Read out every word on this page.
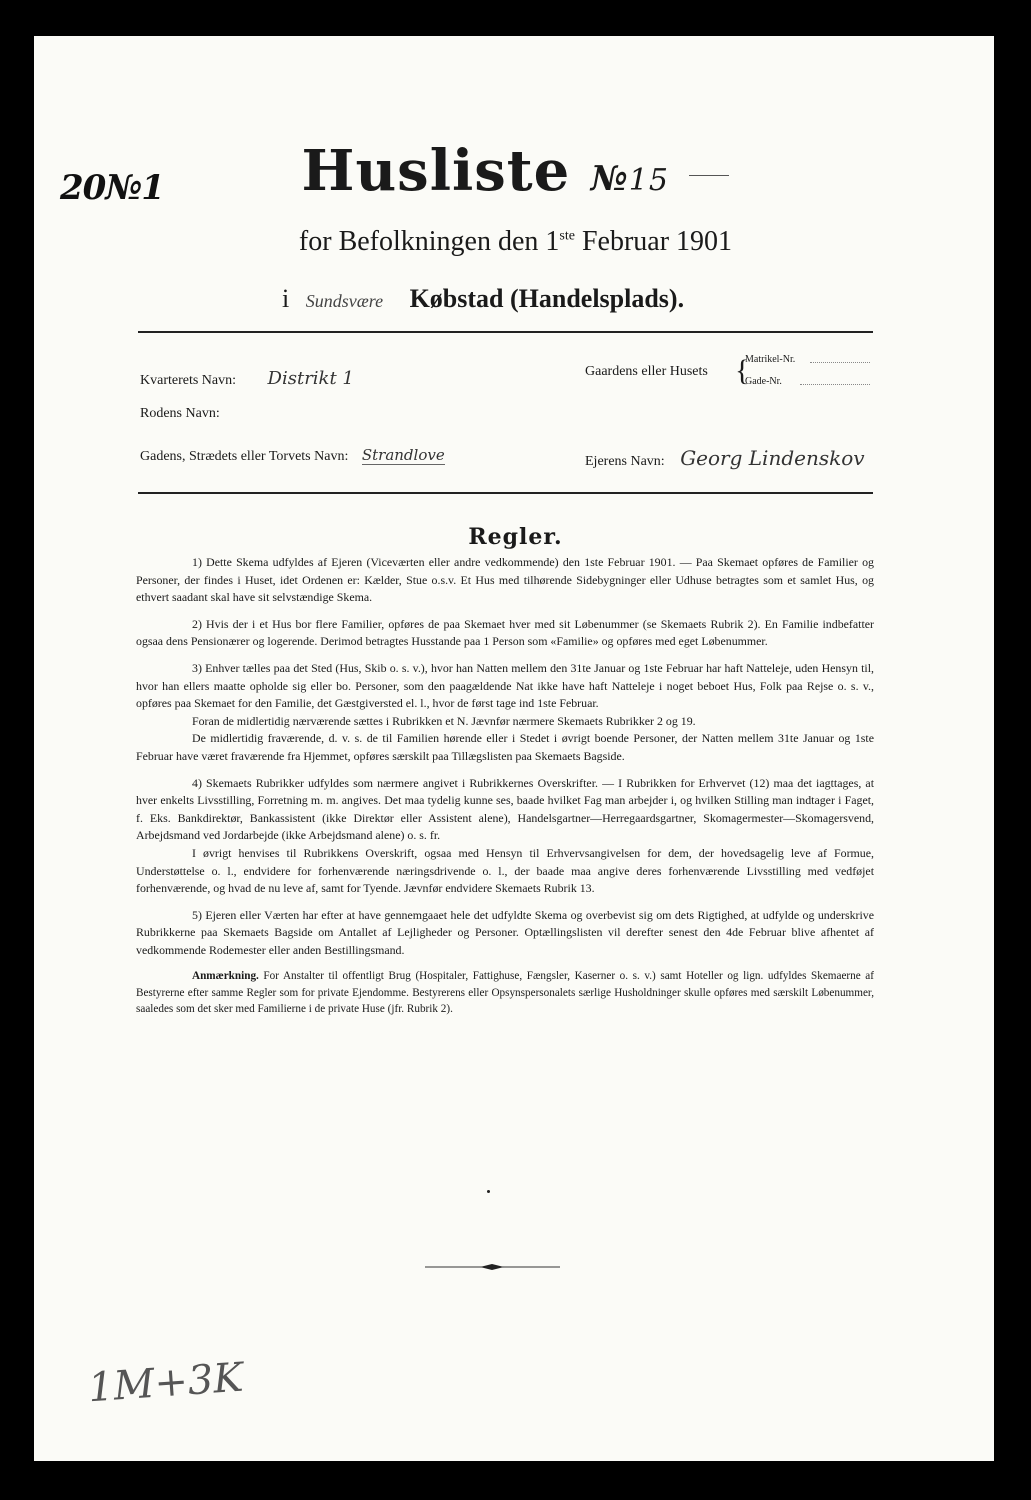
20№1	Husliste №15
for Befolkningen den 1ste Februar 1901
i Sundsvære Købstad (Handelsplads).
Kvarterets Navn: Distrikt 1	Gaardens eller Husets {
Matrikel-Nr.
Gade-Nr.
Rodens Navn:
Gadens, Strædets eller Torvets Navn: Strandlove	Ejerens Navn: Georg Lindenskov
Regler.

1) Dette Skema udfyldes af Ejeren (Viceværten eller andre vedkommende) den 1ste Februar 1901. — Paa Skemaet opføres de Familier og Personer, der findes i Huset, idet Ordenen er: Kælder, Stue o.s.v. Et Hus med tilhørende Sidebygninger eller Udhuse betragtes som et samlet Hus, og ethvert saadant skal have sit selvstændige Skema.

2) Hvis der i et Hus bor flere Familier, opføres de paa Skemaet hver med sit Løbenummer (se Skemaets Rubrik 2). En Familie indbefatter ogsaa dens Pensionærer og logerende. Derimod betragtes Husstande paa 1 Person som «Familie» og opføres med eget Løbenummer.

3) Enhver tælles paa det Sted (Hus, Skib o. s. v.), hvor han Natten mellem den 31te Januar og 1ste Februar har haft Natteleje, uden Hensyn til, hvor han ellers maatte opholde sig eller bo. Personer, som den paagældende Nat ikke have haft Natteleje i noget beboet Hus, Folk paa Rejse o. s. v., opføres paa Skemaet for den Familie, det Gæstgiversted el. l., hvor de først tage ind 1ste Februar.

Foran de midlertidig nærværende sættes i Rubrikken et N. Jævnfør nærmere Skemaets Rubrikker 2 og 19.

De midlertidig fraværende, d. v. s. de til Familien hørende eller i Stedet i øvrigt boende Personer, der Natten mellem 31te Januar og 1ste Februar have været fraværende fra Hjemmet, opføres særskilt paa Tillægslisten paa Skemaets Bagside.

4) Skemaets Rubrikker udfyldes som nærmere angivet i Rubrikkernes Overskrifter. — I Rubrikken for Erhvervet (12) maa det iagttages, at hver enkelts Livsstilling, Forretning m. m. angives. Det maa tydelig kunne ses, baade hvilket Fag man arbejder i, og hvilken Stilling man indtager i Faget, f. Eks. Bankdirektør, Bankassistent (ikke Direktør eller Assistent alene), Handelsgartner—Herregaardsgartner, Skomagermester—Skomagersvend, Arbejdsmand ved Jordarbejde (ikke Arbejdsmand alene) o. s. fr.

I øvrigt henvises til Rubrikkens Overskrift, ogsaa med Hensyn til Erhvervsangivelsen for dem, der hovedsagelig leve af Formue, Understøttelse o. l., endvidere for forhenværende næringsdrivende o. l., der baade maa angive deres forhenværende Livsstilling med vedføjet forhenværende, og hvad de nu leve af, samt for Tyende. Jævnfør endvidere Skemaets Rubrik 13.

5) Ejeren eller Værten har efter at have gennemgaaet hele det udfyldte Skema og overbevist sig om dets Rigtighed, at udfylde og underskrive Rubrikkerne paa Skemaets Bagside om Antallet af Lejligheder og Personer. Optællingslisten vil derefter senest den 4de Februar blive afhentet af vedkommende Rodemester eller anden Bestillingsmand.

Anmærkning. For Anstalter til offentligt Brug (Hospitaler, Fattighuse, Fængsler, Kaserner o. s. v.) samt Hoteller og lign. udfyldes Skemaerne af Bestyrerne efter samme Regler som for private Ejendomme. Bestyrerens eller Opsynspersonalets særlige Husholdninger skulle opføres med særskilt Løbenummer, saaledes som det sker med Familierne i de private Huse (jfr. Rubrik 2).

1M+3K
